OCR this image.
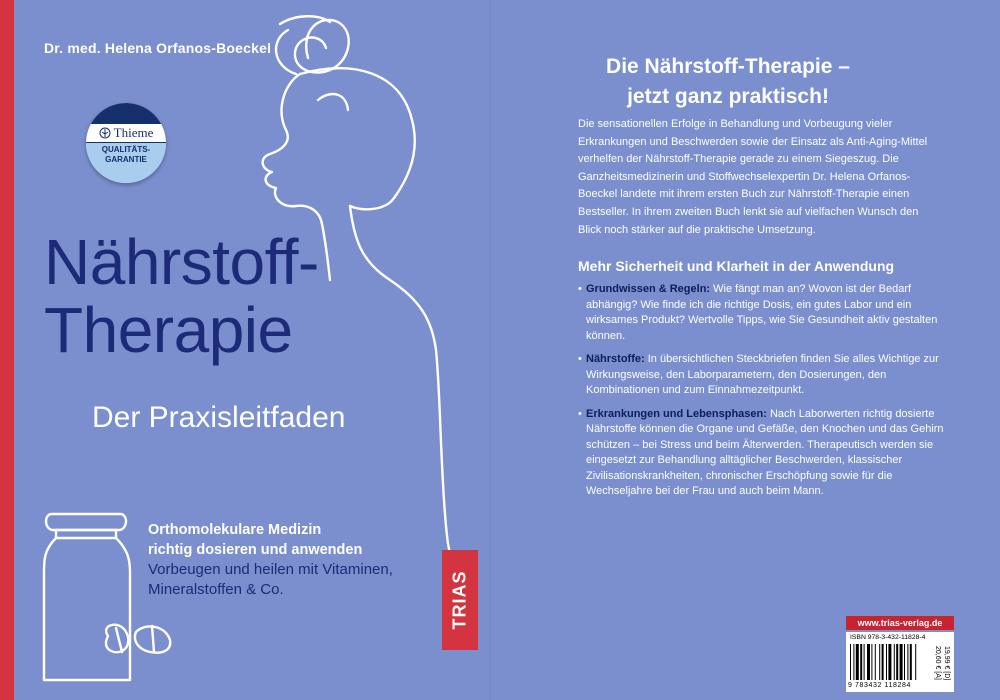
Dr. med. Helena Orfanos-Boeckel
Thieme
QUALITÄTS-
GARANTIE
Nährstoff-
Therapie
Der Praxisleitfaden
Orthomolekulare Medizin
richtig dosieren und anwenden
Vorbeugen und heilen mit Vitaminen,
Mineralstoffen & Co.	TRIAS
Die Nährstoff-Therapie –
jetzt ganz praktisch!
Die sensationellen Erfolge in Behandlung und Vorbeugung vieler Erkrankungen und Beschwerden sowie der Einsatz als Anti-Aging-Mittel verhelfen der Nährstoff-Therapie gerade zu einem Siegeszug. Die Ganzheitsmedizinerin und Stoffwechselexpertin Dr. Helena Orfanos-Boeckel landete mit ihrem ersten Buch zur Nährstoff-Therapie einen Bestseller. In ihrem zweiten Buch lenkt sie auf vielfachen Wunsch den Blick noch stärker auf die praktische Umsetzung.
Mehr Sicherheit und Klarheit in der Anwendung
• Grundwissen & Regeln: Wie fängt man an? Wovon ist der Bedarf abhängig? Wie finde ich die richtige Dosis, ein gutes Labor und ein wirksames Produkt? Wertvolle Tipps, wie Sie Gesundheit aktiv gestalten können.
• Nährstoffe: In übersichtlichen Steckbriefen finden Sie alles Wichtige zur Wirkungsweise, den Laborparametern, den Dosierungen, den Kombinationen und zum Einnahmezeitpunkt.
• Erkrankungen und Lebensphasen: Nach Laborwerten richtig dosierte Nährstoffe können die Organe und Gefäße, den Knochen und das Gehirn schützen – bei Stress und beim Älterwerden. Therapeutisch werden sie eingesetzt zur Behandlung alltäglicher Beschwerden, klassischer Zivilisationskrankheiten, chronischer Erschöpfung sowie für die Wechseljahre bei der Frau und auch beim Mann.
www.trias-verlag.de
ISBN 978-3-432-11828-4
9 783432 118284
19,99 € [D]
20,60 € [A]
